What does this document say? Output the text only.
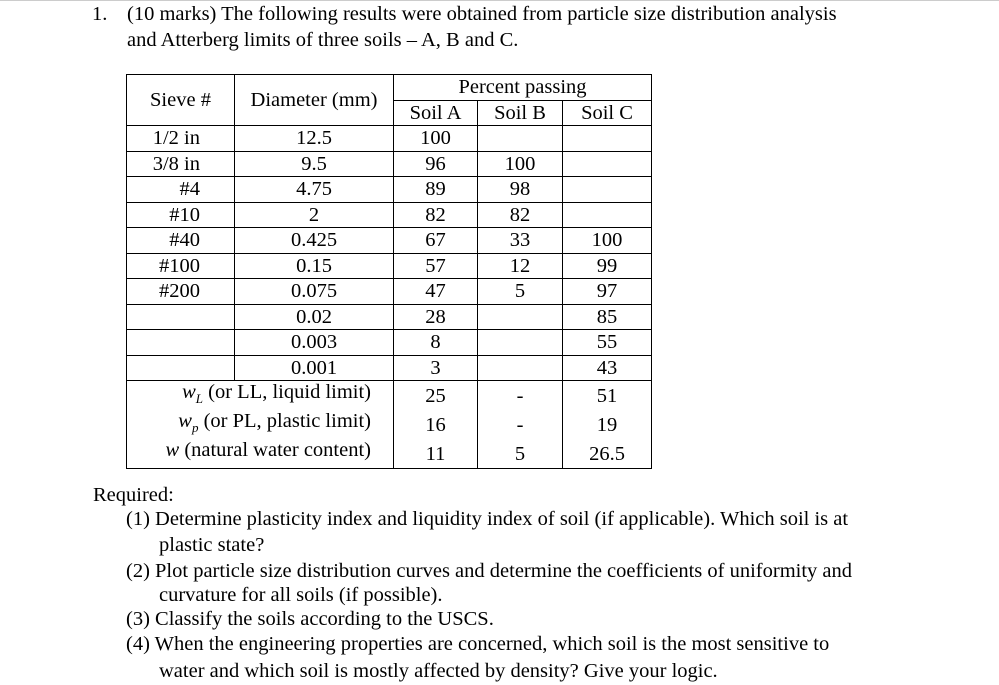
1. (10 marks) The following results were obtained from particle size distribution analysis
and Atterberg limits of three soils – A, B and C.
Sieve #	Diameter (mm)	Percent passing		
		Soil A	Soil B	Soil C
1/2 in	12.5	100		
3/8 in	9.5	96	100	
#4	4.75	89	98	
#10	2	82	82	
#40	0.425	67	33	100
#100	0.15	57	12	99
#200	0.075	47	5	97
	0.02	28		85
	0.003	8		55
	0.001	3		43
$w_L$ (or LL, liquid limit)		25	-	51
$w_p$ (or PL, plastic limit)		16	-	19
w (natural water content)		11	5	26.5
Required:
(1) Determine plasticity index and liquidity index of soil (if applicable). Which soil is at
plastic state?
(2) Plot particle size distribution curves and determine the coefficients of uniformity and
curvature for all soils (if possible).
(3) Classify the soils according to the USCS.
(4) When the engineering properties are concerned, which soil is the most sensitive to
water and which soil is mostly affected by density? Give your logic.
